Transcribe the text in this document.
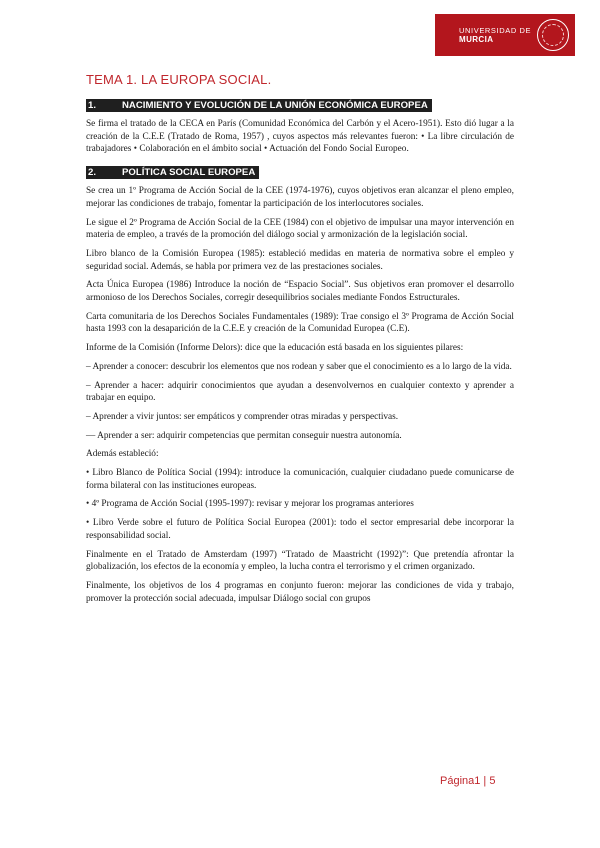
UNIVERSIDAD DE
MURCIA
TEMA 1. LA EUROPA SOCIAL.
1.	NACIMIENTO Y EVOLUCIÓN DE LA UNIÓN ECONÓMICA EUROPEA

Se firma el tratado de la CECA en París (Comunidad Económica del Carbón y el Acero-1951). Esto dió lugar a la creación de la C.E.E (Tratado de Roma, 1957) , cuyos aspectos más relevantes fueron: • La libre circulación de trabajadores • Colaboración en el ámbito social • Actuación del Fondo Social Europeo.

2.	POLÍTICA SOCIAL EUROPEA

Se crea un 1º Programa de Acción Social de la CEE (1974-1976), cuyos objetivos eran alcanzar el pleno empleo, mejorar las condiciones de trabajo, fomentar la participación de los interlocutores sociales.

Le sigue el 2º Programa de Acción Social de la CEE (1984) con el objetivo de impulsar una mayor intervención en materia de empleo, a través de la promoción del diálogo social y armonización de la legislación social.

Libro blanco de la Comisión Europea (1985): estableció medidas en materia de normativa sobre el empleo y seguridad social. Además, se habla por primera vez de las prestaciones sociales.

Acta Única Europea (1986) Introduce la noción de “Espacio Social”. Sus objetivos eran promover el desarrollo armonioso de los Derechos Sociales, corregir desequilibrios sociales mediante Fondos Estructurales.

Carta comunitaria de los Derechos Sociales Fundamentales (1989): Trae consigo el 3º Programa de Acción Social hasta 1993 con la desaparición de la C.E.E y creación de la Comunidad Europea (C.E).

Informe de la Comisión (Informe Delors): dice que la educación está basada en los siguientes pilares:

– Aprender a conocer: descubrir los elementos que nos rodean y saber que el conocimiento es a lo largo de la vida.

– Aprender a hacer: adquirir conocimientos que ayudan a desenvolvernos en cualquier contexto y aprender a trabajar en equipo.

– Aprender a vivir juntos: ser empáticos y comprender otras miradas y perspectivas.

— Aprender a ser: adquirir competencias que permitan conseguir nuestra autonomía.

Además estableció:

• Libro Blanco de Política Social (1994): introduce la comunicación, cualquier ciudadano puede comunicarse de forma bilateral con las instituciones europeas.

• 4º Programa de Acción Social (1995-1997): revisar y mejorar los programas anteriores

• Libro Verde sobre el futuro de Política Social Europea (2001): todo el sector empresarial debe incorporar la responsabilidad social.

Finalmente en el Tratado de Amsterdam (1997) “Tratado de Maastricht (1992)”: Que pretendía afrontar la globalización, los efectos de la economía y empleo, la lucha contra el terrorismo y el crimen organizado.

Finalmente, los objetivos de los 4 programas en conjunto fueron: mejorar las condiciones de vida y trabajo, promover la protección social adecuada, impulsar Diálogo social con grupos

Página1 | 5
